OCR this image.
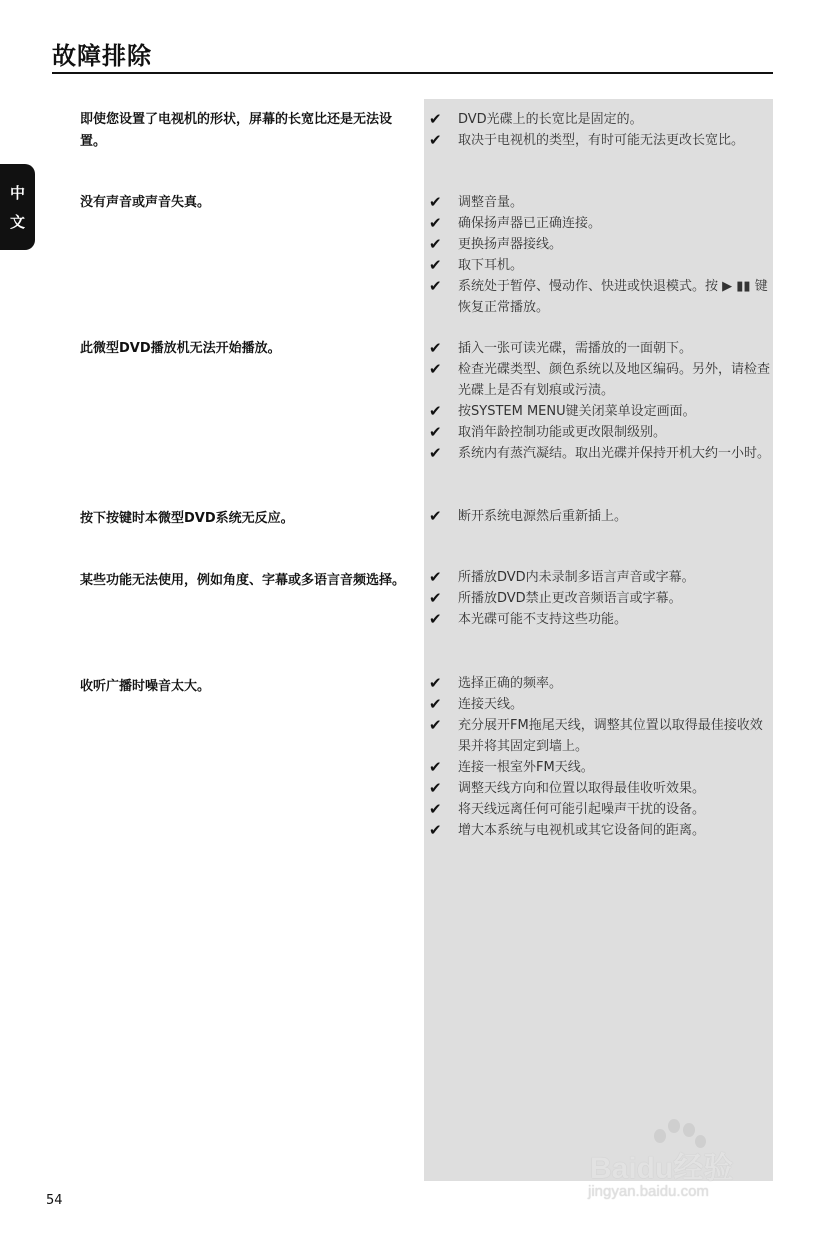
故障排除
中
文
即使您设置了电视机的形状，屏幕的长宽比还是无法设置。
✔ DVD光碟上的长宽比是固定的。
✔ 取决于电视机的类型，有时可能无法更改长宽比。
没有声音或声音失真。	✔ 调整音量。
✔ 确保扬声器已正确连接。
✔ 更换扬声器接线。
✔ 取下耳机。
✔ 系统处于暂停、慢动作、快进或快退模式。按 ▶ ▮▮ 键恢复正常播放。
此微型DVD播放机无法开始播放。	✔ 插入一张可读光碟，需播放的一面朝下。
✔ 检查光碟类型、颜色系统以及地区编码。另外，请检查光碟上是否有划痕或污渍。
✔ 按SYSTEM MENU键关闭菜单设定画面。
✔ 取消年龄控制功能或更改限制级别。
✔ 系统内有蒸汽凝结。取出光碟并保持开机大约一小时。
按下按键时本微型DVD系统无反应。	✔ 断开系统电源然后重新插上。
某些功能无法使用，例如角度、字幕或多语言音频选择。 ✔ 所播放DVD内未录制多语言声音或字幕。
✔ 所播放DVD禁止更改音频语言或字幕。
✔ 本光碟可能不支持这些功能。
收听广播时噪音太大。	✔ 选择正确的频率。
✔ 连接天线。
✔ 充分展开FM拖尾天线，调整其位置以取得最佳接收效果并将其固定到墙上。
✔ 连接一根室外FM天线。
✔ 调整天线方向和位置以取得最佳收听效果。
✔ 将天线远离任何可能引起噪声干扰的设备。
✔ 增大本系统与电视机或其它设备间的距离。
54
Baidu经验
jingyan.baidu.com
